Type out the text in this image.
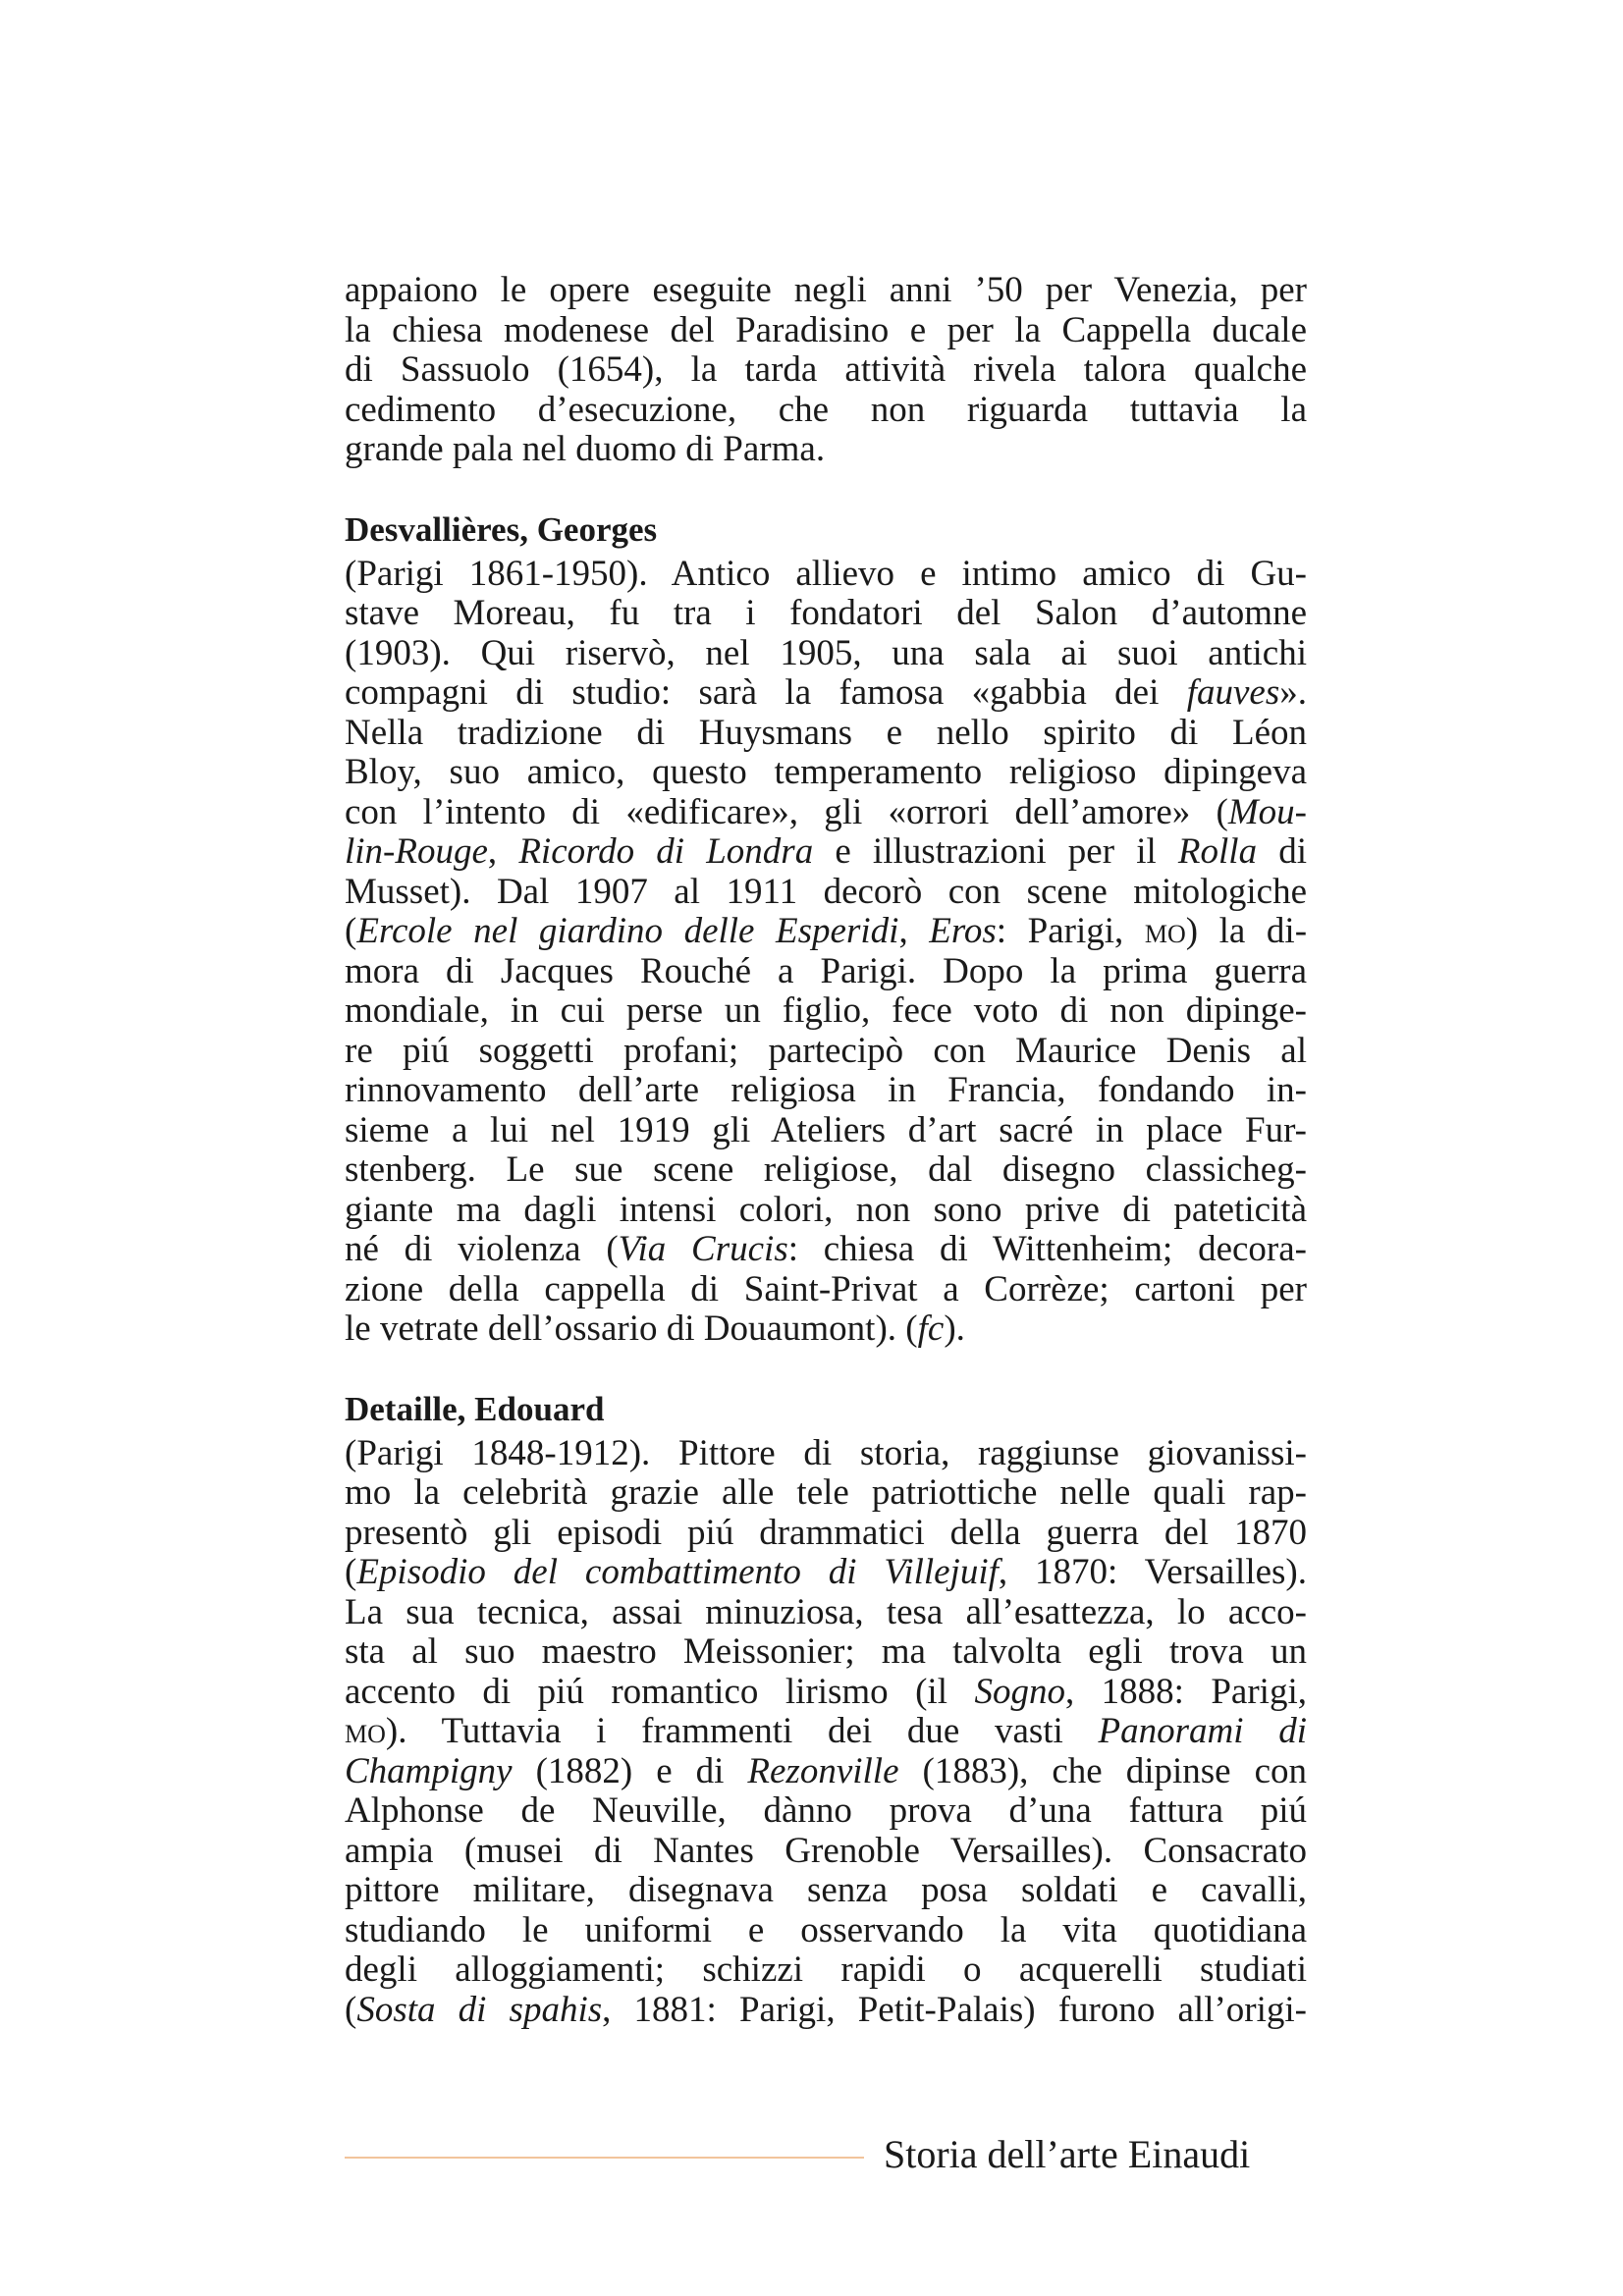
appaiono le opere eseguite negli anni ’50 per Venezia, per
la chiesa modenese del Paradisino e per la Cappella ducale
di Sassuolo (1654), la tarda attività rivela talora qualche
cedimento d’esecuzione, che non riguarda tuttavia la
grande pala nel duomo di Parma.
Desvallières, Georges
(Parigi 1861-1950). Antico allievo e intimo amico di Gu-
stave Moreau, fu tra i fondatori del Salon d’automne
(1903). Qui riservò, nel 1905, una sala ai suoi antichi
compagni di studio: sarà la famosa «gabbia dei fauves».
Nella tradizione di Huysmans e nello spirito di Léon
Bloy, suo amico, questo temperamento religioso dipingeva
con l’intento di «edificare», gli «orrori dell’amore» (Mou-
lin-Rouge, Ricordo di Londra e illustrazioni per il Rolla di
Musset). Dal 1907 al 1911 decorò con scene mitologiche
(Ercole nel giardino delle Esperidi, Eros: Parigi, mo) la di-
mora di Jacques Rouché a Parigi. Dopo la prima guerra
mondiale, in cui perse un figlio, fece voto di non dipinge-
re piú soggetti profani; partecipò con Maurice Denis al
rinnovamento dell’arte religiosa in Francia, fondando in-
sieme a lui nel 1919 gli Ateliers d’art sacré in place Fur-
stenberg. Le sue scene religiose, dal disegno classicheg-
giante ma dagli intensi colori, non sono prive di pateticità
né di violenza (Via Crucis: chiesa di Wittenheim; decora-
zione della cappella di Saint-Privat a Corrèze; cartoni per
le vetrate dell’ossario di Douaumont). (fc).
Detaille, Edouard
(Parigi 1848-1912). Pittore di storia, raggiunse giovanissi-
mo la celebrità grazie alle tele patriottiche nelle quali rap-
presentò gli episodi piú drammatici della guerra del 1870
(Episodio del combattimento di Villejuif, 1870: Versailles).
La sua tecnica, assai minuziosa, tesa all’esattezza, lo acco-
sta al suo maestro Meissonier; ma talvolta egli trova un
accento di piú romantico lirismo (il Sogno, 1888: Parigi,
mo). Tuttavia i frammenti dei due vasti Panorami di
Champigny (1882) e di Rezonville (1883), che dipinse con
Alphonse de Neuville, dànno prova d’una fattura piú
ampia (musei di Nantes Grenoble Versailles). Consacrato
pittore militare, disegnava senza posa soldati e cavalli,
studiando le uniformi e osservando la vita quotidiana
degli alloggiamenti; schizzi rapidi o acquerelli studiati
(Sosta di spahis, 1881: Parigi, Petit-Palais) furono all’origi-
Storia dell’arte Einaudi
